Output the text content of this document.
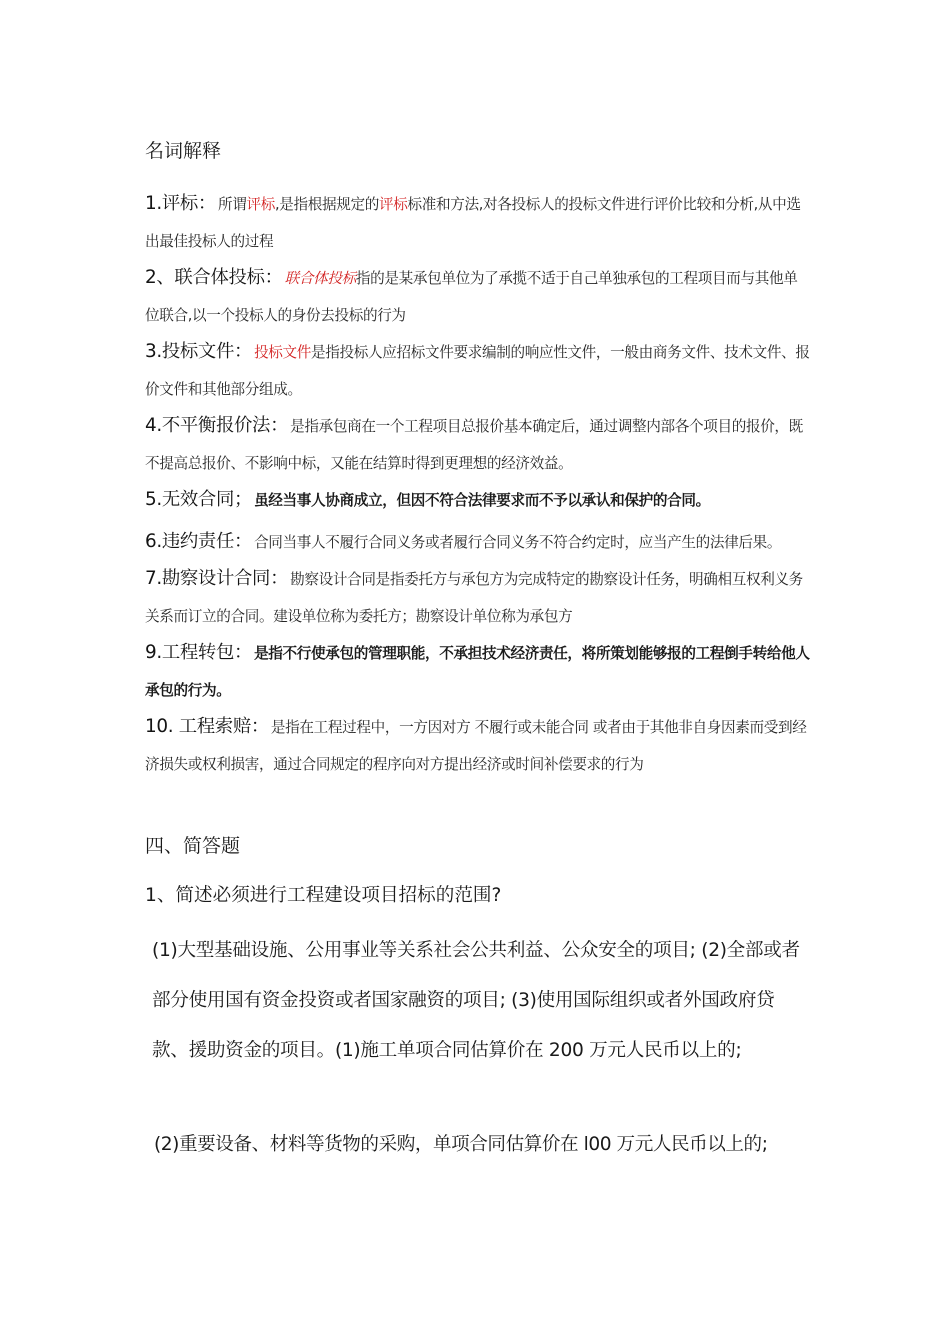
名词解释
1.评标： 所谓评标,是指根据规定的评标标准和方法,对各投标人的投标文件进行评价比较和分析,从中选出最佳投标人的过程
2、联合体投标： 联合体投标指的是某承包单位为了承揽不适于自己单独承包的工程项目而与其他单位联合,以一个投标人的身份去投标的行为
3.投标文件： 投标文件是指投标人应招标文件要求编制的响应性文件，一般由商务文件、技术文件、报价文件和其他部分组成。
4.不平衡报价法： 是指承包商在一个工程项目总报价基本确定后，通过调整内部各个项目的报价，既不提高总报价、不影响中标，又能在结算时得到更理想的经济效益。
5.无效合同； 虽经当事人协商成立，但因不符合法律要求而不予以承认和保护的合同。
6.违约责任： 合同当事人不履行合同义务或者履行合同义务不符合约定时，应当产生的法律后果。
7.勘察设计合同： 勘察设计合同是指委托方与承包方为完成特定的勘察设计任务，明确相互权利义务关系而订立的合同。建设单位称为委托方；勘察设计单位称为承包方
9.工程转包： 是指不行使承包的管理职能，不承担技术经济责任，将所策划能够报的工程倒手转给他人承包的行为。
10. 工程索赔： 是指在工程过程中，一方因对方 不履行或未能合同 或者由于其他非自身因素而受到经济损失或权利损害，通过合同规定的程序向对方提出经济或时间补偿要求的行为
四、简答题
1、简述必须进行工程建设项目招标的范围?
(1)大型基础设施、公用事业等关系社会公共利益、公众安全的项目; (2)全部或者部分使用国有资金投资或者国家融资的项目; (3)使用国际组织或者外国政府贷款、援助资金的项目。(1)施工单项合同估算价在 200 万元人民币以上的;
(2)重要设备、材料等货物的采购，单项合同估算价在 l00 万元人民币以上的;
